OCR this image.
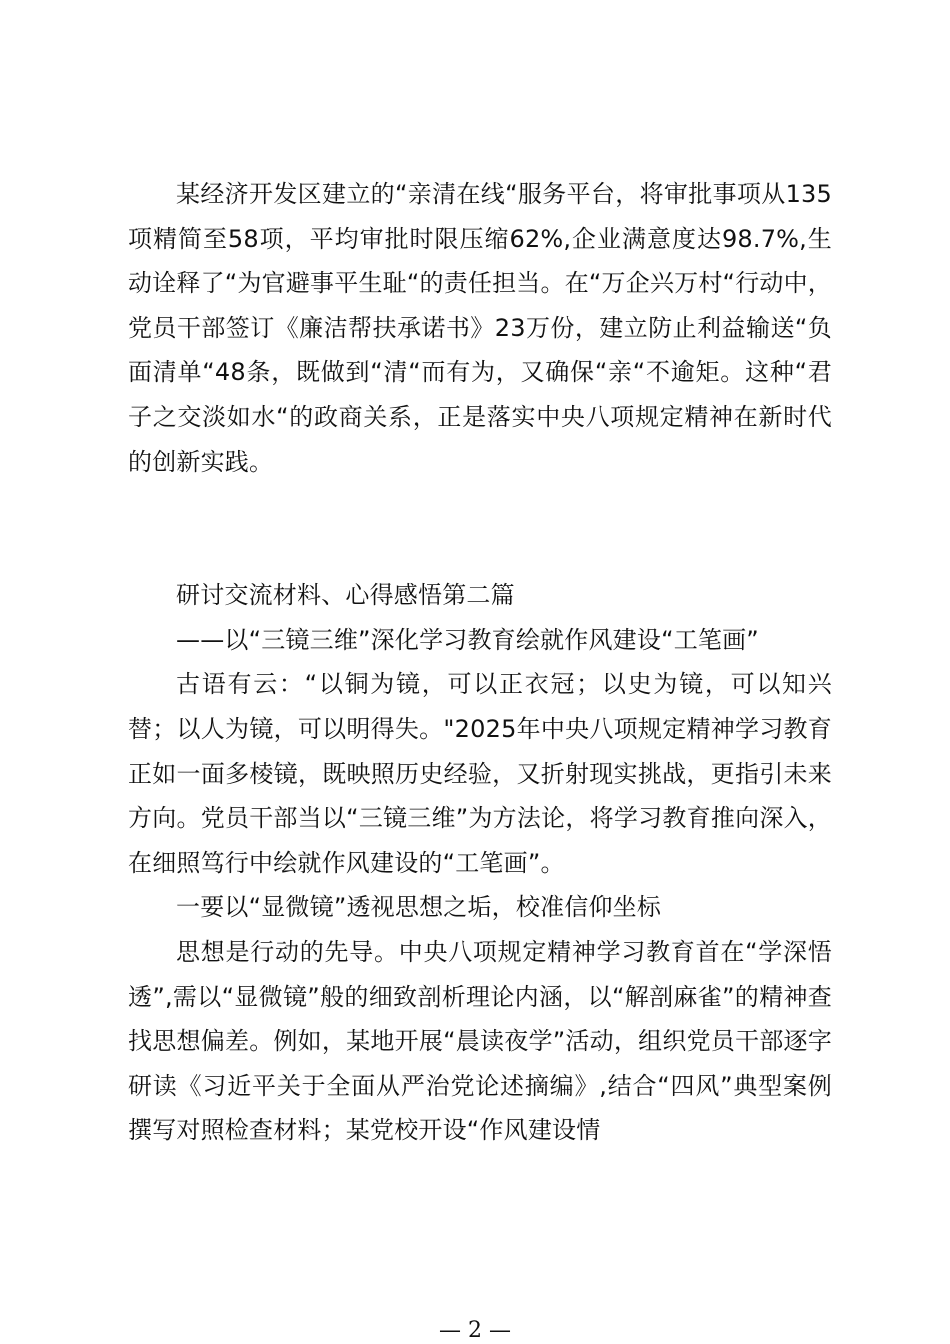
某经济开发区建立的“亲清在线“服务平台，将审批事项从135项精简至58项，平均审批时限压缩62%,企业满意度达98.7%,生动诠释了“为官避事平生耻“的责任担当。在“万企兴万村“行动中，党员干部签订《廉洁帮扶承诺书》23万份，建立防止利益输送“负面清单“48条，既做到“清“而有为，又确保“亲“不逾矩。这种“君子之交淡如水“的政商关系，正是落实中央八项规定精神在新时代的创新实践。

研讨交流材料、心得感悟第二篇

——以“三镜三维”深化学习教育绘就作风建设“工笔画”

古语有云：“以铜为镜，可以正衣冠；以史为镜，可以知兴替；以人为镜，可以明得失。"2025年中央八项规定精神学习教育正如一面多棱镜，既映照历史经验，又折射现实挑战，更指引未来方向。党员干部当以“三镜三维”为方法论，将学习教育推向深入，在细照笃行中绘就作风建设的“工笔画”。

一要以“显微镜”透视思想之垢，校准信仰坐标

思想是行动的先导。中央八项规定精神学习教育首在“学深悟透”,需以“显微镜”般的细致剖析理论内涵，以“解剖麻雀”的精神查找思想偏差。例如，某地开展“晨读夜学”活动，组织党员干部逐字研读《习近平关于全面从严治党论述摘编》,结合“四风”典型案例撰写对照检查材料；某党校开设“作风建设情

— 2 —
